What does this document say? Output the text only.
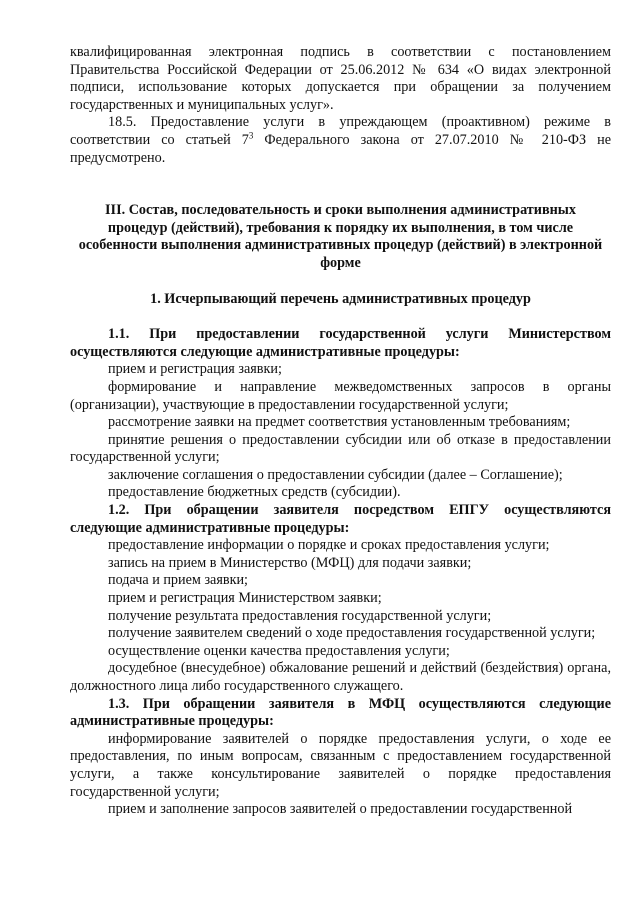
квалифицированная электронная подпись в соответствии с постановлением Правительства Российской Федерации от 25.06.2012 № 634 «О видах электронной подписи, использование которых допускается при обращении за получением государственных и муниципальных услуг».

18.5. Предоставление услуги в упреждающем (проактивном) режиме в соответствии со статьей $7^3$ Федерального закона от 27.07.2010 № 210-ФЗ не предусмотрено.

III. Состав, последовательность и сроки выполнения административных процедур (действий), требования к порядку их выполнения, в том числе особенности выполнения административных процедур (действий) в электронной форме

1. Исчерпывающий перечень административных процедур

1.1. При предоставлении государственной услуги Министерством осуществляются следующие административные процедуры:

прием и регистрация заявки;

формирование и направление межведомственных запросов в органы (организации), участвующие в предоставлении государственной услуги;

рассмотрение заявки на предмет соответствия установленным требованиям;

принятие решения о предоставлении субсидии или об отказе в предоставлении государственной услуги;

заключение соглашения о предоставлении субсидии (далее – Соглашение);

предоставление бюджетных средств (субсидии).

1.2. При обращении заявителя посредством ЕПГУ осуществляются следующие административные процедуры:

предоставление информации о порядке и сроках предоставления услуги;

запись на прием в Министерство (МФЦ) для подачи заявки;

подача и прием заявки;

прием и регистрация Министерством заявки;

получение результата предоставления государственной услуги;

получение заявителем сведений о ходе предоставления государственной услуги;

осуществление оценки качества предоставления услуги;

досудебное (внесудебное) обжалование решений и действий (бездействия) органа, должностного лица либо государственного служащего.

1.3. При обращении заявителя в МФЦ осуществляются следующие административные процедуры:

информирование заявителей о порядке предоставления услуги, о ходе ее предоставления, по иным вопросам, связанным с предоставлением государственной услуги, а также консультирование заявителей о порядке предоставления государственной услуги;

прием и заполнение запросов заявителей о предоставлении государственной
